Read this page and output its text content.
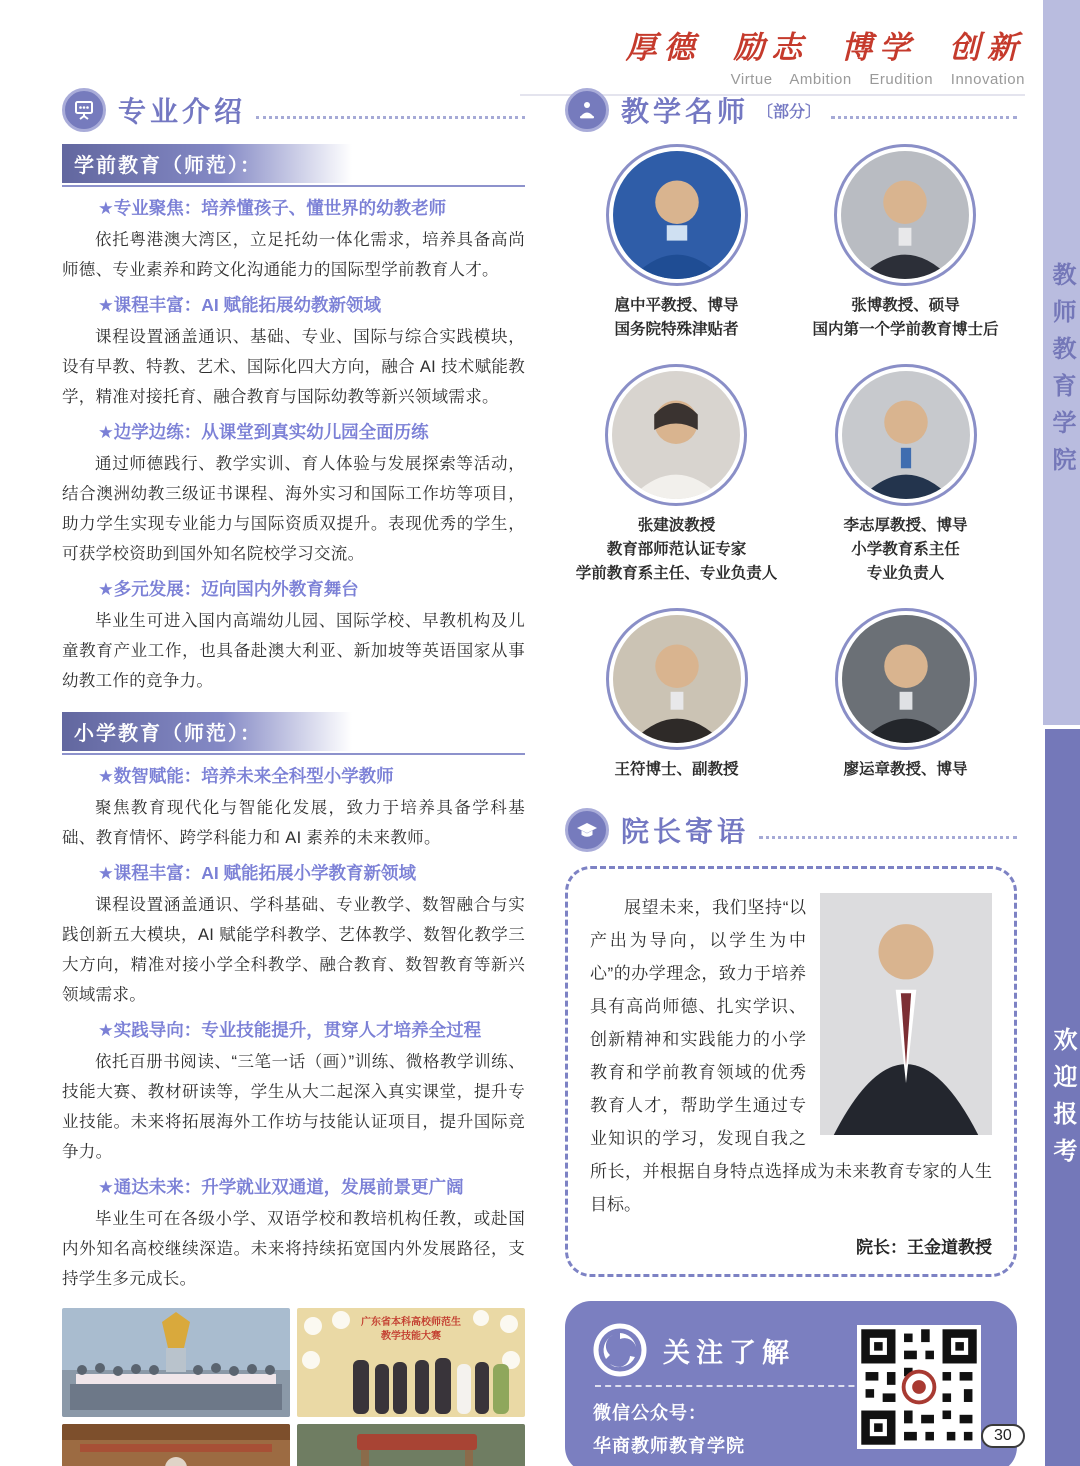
教师教育学院
欢迎报考
厚德 励志 博学 创新
Virtue Ambition Erudition Innovation
专业介绍
学前教育（师范）：
★专业聚焦：培养懂孩子、懂世界的幼教老师

依托粤港澳大湾区，立足托幼一体化需求，培养具备高尚师德、专业素养和跨文化沟通能力的国际型学前教育人才。

★课程丰富：AI 赋能拓展幼教新领域

课程设置涵盖通识、基础、专业、国际与综合实践模块，设有早教、特教、艺术、国际化四大方向，融合 AI 技术赋能教学，精准对接托育、融合教育与国际幼教等新兴领域需求。

★边学边练：从课堂到真实幼儿园全面历练

通过师德践行、教学实训、育人体验与发展探索等活动，结合澳洲幼教三级证书课程、海外实习和国际工作坊等项目，助力学生实现专业能力与国际资质双提升。表现优秀的学生，可获学校资助到国外知名院校学习交流。

★多元发展：迈向国内外教育舞台

毕业生可进入国内高端幼儿园、国际学校、早教机构及儿童教育产业工作，也具备赴澳大利亚、新加坡等英语国家从事幼教工作的竞争力。

小学教育（师范）：
★数智赋能：培养未来全科型小学教师

聚焦教育现代化与智能化发展，致力于培养具备学科基础、教育情怀、跨学科能力和 AI 素养的未来教师。

★课程丰富：AI 赋能拓展小学教育新领域

课程设置涵盖通识、学科基础、专业教学、数智融合与实践创新五大模块，AI 赋能学科教学、艺体教学、数智化教学三大方向，精准对接小学全科教学、融合教育、数智教育等新兴领域需求。

★实践导向：专业技能提升，贯穿人才培养全过程

依托百册书阅读、“三笔一话（画）”训练、微格教学训练、技能大赛、教材研读等，学生从大二起深入真实课堂，提升专业技能。未来将拓展海外工作坊与技能认证项目，提升国际竞争力。

★通达未来：升学就业双通道，发展前景更广阔

毕业生可在各级小学、双语学校和教培机构任教，或赴国内外知名高校继续深造。未来将持续拓宽国内外发展路径，支持学生多元成长。

广东省本科高校师范生
教学技能大赛
教学名师 〔部分〕
扈中平教授、博导
国务院特殊津贴者
张博教授、硕导
国内第一个学前教育博士后
张建波教授
教育部师范认证专家
学前教育系主任、专业负责人
李志厚教授、博导
小学教育系主任
专业负责人
王符博士、副教授	廖运章教授、博导
院长寄语

展望未来，我们坚持“以产出为导向，以学生为中心”的办学理念，致力于培养具有高尚师德、扎实学识、创新精神和实践能力的小学教育和学前教育领域的优秀教育人才，帮助学生通过专业知识的学习，发现自我之所长，并根据自身特点选择成为未来教育专家的人生目标。

院长：王金道教授
关注了解
微信公众号：
华商教师教育学院
30
